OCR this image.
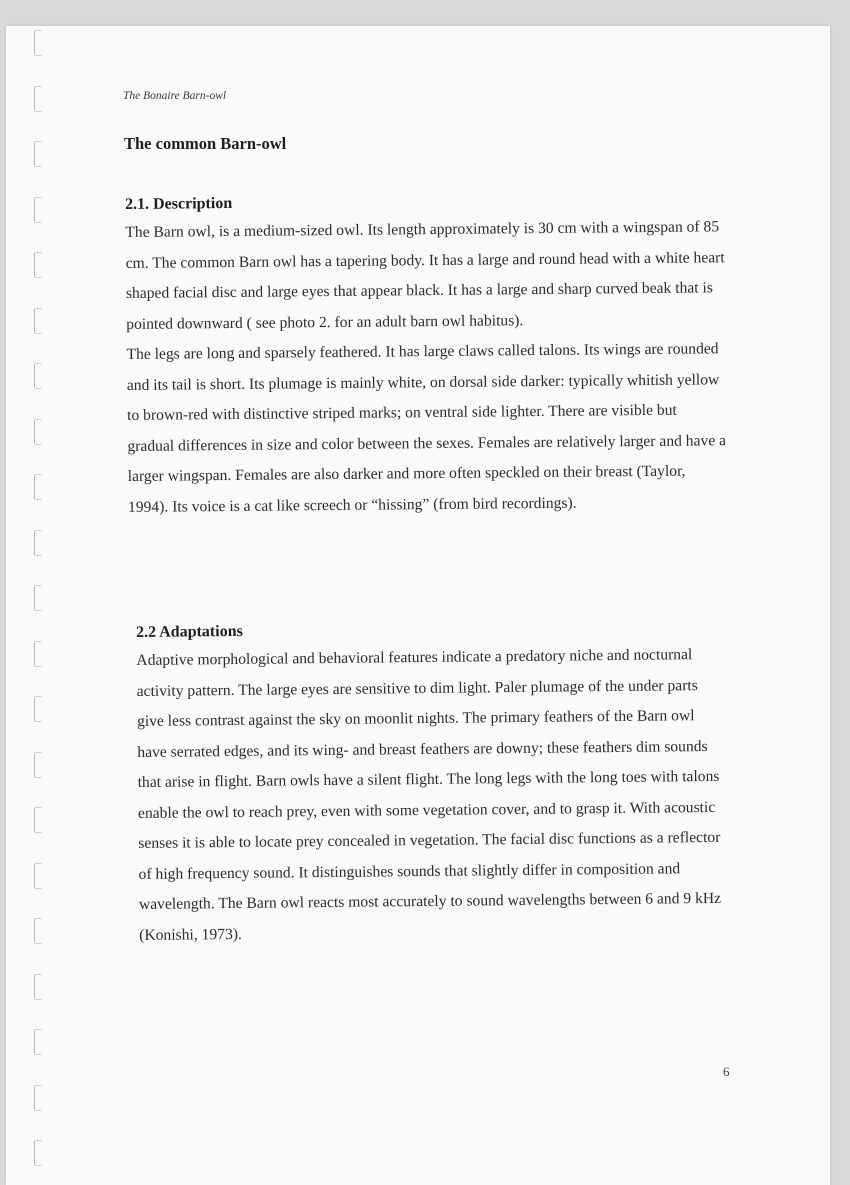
The Bonaire Barn-owl
The common Barn-owl
2.1. Description

The Barn owl, is a medium-sized owl. Its length approximately is 30 cm with a wingspan of 85 cm. The common Barn owl has a tapering body. It has a large and round head with a white heart shaped facial disc and large eyes that appear black. It has a large and sharp curved beak that is pointed downward ( see photo 2. for an adult barn owl habitus).

The legs are long and sparsely feathered. It has large claws called talons. Its wings are rounded and its tail is short. Its plumage is mainly white, on dorsal side darker: typically whitish yellow to brown-red with distinctive striped marks; on ventral side lighter. There are visible but gradual differences in size and color between the sexes. Females are relatively larger and have a larger wingspan. Females are also darker and more often speckled on their breast (Taylor, 1994). Its voice is a cat like screech or “hissing” (from bird recordings).

2.2 Adaptations

Adaptive morphological and behavioral features indicate a predatory niche and nocturnal activity pattern. The large eyes are sensitive to dim light. Paler plumage of the under parts give less contrast against the sky on moonlit nights. The primary feathers of the Barn owl have serrated edges, and its wing- and breast feathers are downy; these feathers dim sounds that arise in flight. Barn owls have a silent flight. The long legs with the long toes with talons enable the owl to reach prey, even with some vegetation cover, and to grasp it. With acoustic senses it is able to locate prey concealed in vegetation. The facial disc functions as a reflector of high frequency sound. It distinguishes sounds that slightly differ in composition and wavelength. The Barn owl reacts most accurately to sound wavelengths between 6 and 9 kHz (Konishi, 1973).

6
